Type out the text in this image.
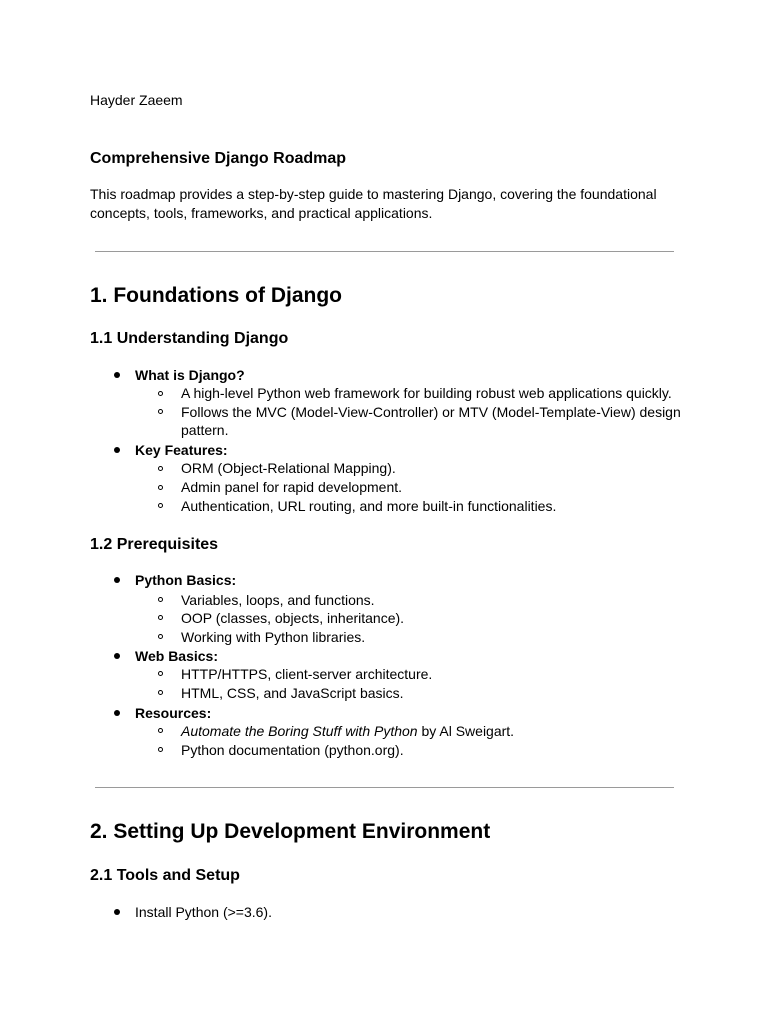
Hayder Zaeem
Comprehensive Django Roadmap
This roadmap provides a step-by-step guide to mastering Django, covering the foundational
concepts, tools, frameworks, and practical applications.
1. Foundations of Django
1.1 Understanding Django
What is Django?
A high-level Python web framework for building robust web applications quickly.
Follows the MVC (Model-View-Controller) or MTV (Model-Template-View) design
pattern.
Key Features:
ORM (Object-Relational Mapping).
Admin panel for rapid development.
Authentication, URL routing, and more built-in functionalities.
1.2 Prerequisites
Python Basics:
Variables, loops, and functions.
OOP (classes, objects, inheritance).
Working with Python libraries.
Web Basics:
HTTP/HTTPS, client-server architecture.
HTML, CSS, and JavaScript basics.
Resources:
Automate the Boring Stuff with Python by Al Sweigart.
Python documentation (python.org).
2. Setting Up Development Environment
2.1 Tools and Setup
Install Python (>=3.6).
